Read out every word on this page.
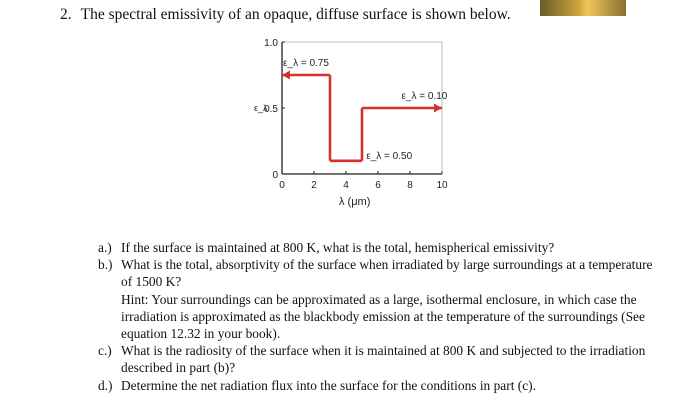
2. The spectral emissivity of an opaque, diffuse surface is shown below.
0	2	4	6	8 10
0
0.5
1.0
ε_λ
λ (μm)
ε_λ = 0.75
ε_λ = 0.50
ε_λ = 0.10
a.) If the surface is maintained at 800 K, what is the total, hemispherical emissivity?
b.) What is the total, absorptivity of the surface when irradiated by large surroundings at a temperature of 1500 K?
Hint: Your surroundings can be approximated as a large, isothermal enclosure, in which case the irradiation is approximated as the blackbody emission at the temperature of the surroundings (See equation 12.32 in your book).
c.) What is the radiosity of the surface when it is maintained at 800 K and subjected to the irradiation described in part (b)?
d.) Determine the net radiation flux into the surface for the conditions in part (c).
